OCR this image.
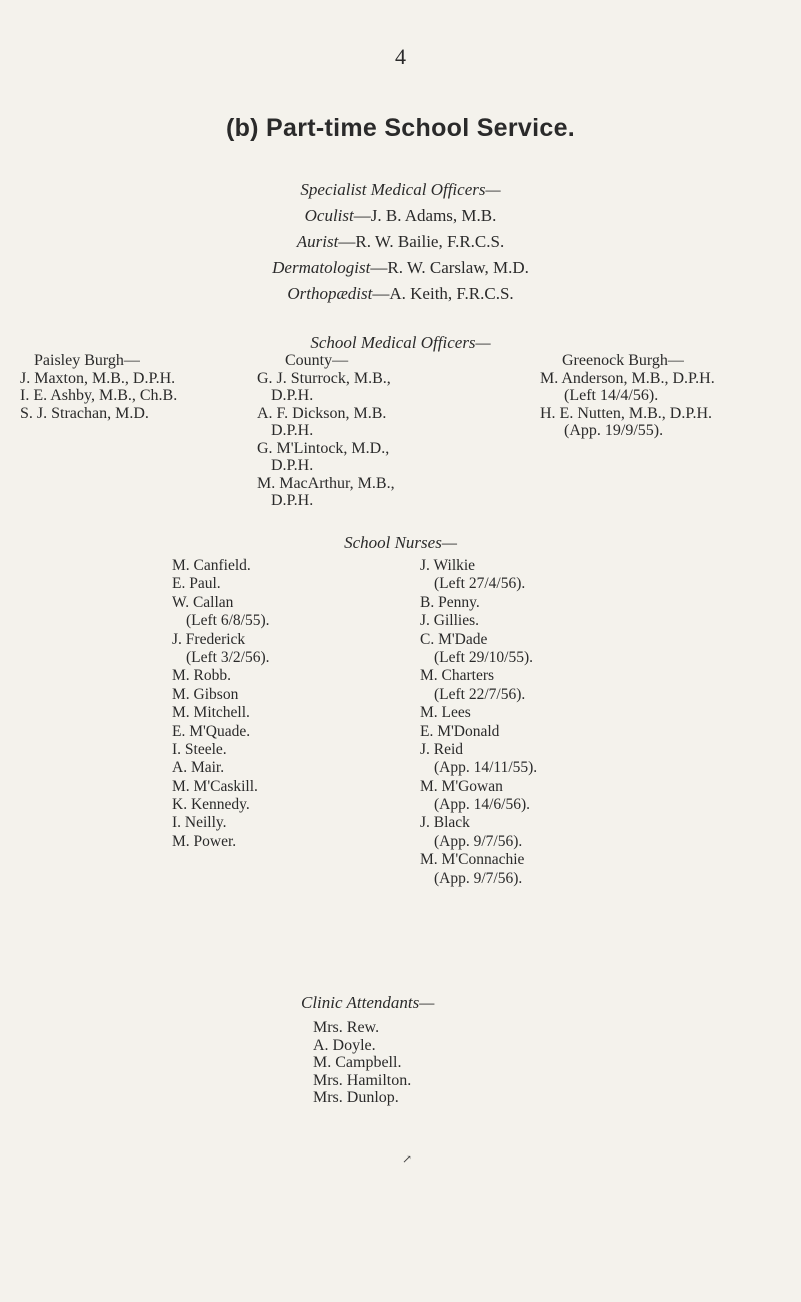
4
(b) Part-time School Service.
Specialist Medical Officers—
Oculist—J. B. Adams, M.B.
Aurist—R. W. Bailie, F.R.C.S.
Dermatologist—R. W. Carslaw, M.D.
Orthopædist—A. Keith, F.R.C.S.
School Medical Officers—
Paisley Burgh—
J. Maxton, M.B., D.P.H.
I. E. Ashby, M.B., Ch.B.
S. J. Strachan, M.D.
County—
G. J. Sturrock, M.B.,
D.P.H.
A. F. Dickson, M.B.
D.P.H.
G. M'Lintock, M.D.,
D.P.H.
M. MacArthur, M.B.,
D.P.H.
Greenock Burgh—
M. Anderson, M.B., D.P.H.
(Left 14/4/56).
H. E. Nutten, M.B., D.P.H.
(App. 19/9/55).
School Nurses—
M. Canfield.
E. Paul.
W. Callan
(Left 6/8/55).
J. Frederick
(Left 3/2/56).
M. Robb.
M. Gibson
M. Mitchell.
E. M'Quade.
I. Steele.
A. Mair.
M. M'Caskill.
K. Kennedy.
I. Neilly.
M. Power.
J. Wilkie
(Left 27/4/56).
B. Penny.
J. Gillies.
C. M'Dade
(Left 29/10/55).
M. Charters
(Left 22/7/56).
M. Lees
E. M'Donald
J. Reid
(App. 14/11/55).
M. M'Gowan
(App. 14/6/56).
J. Black
(App. 9/7/56).
M. M'Connachie
(App. 9/7/56).
Clinic Attendants—
Mrs. Rew.
A. Doyle.
M. Campbell.
Mrs. Hamilton.
Mrs. Dunlop.
↗
